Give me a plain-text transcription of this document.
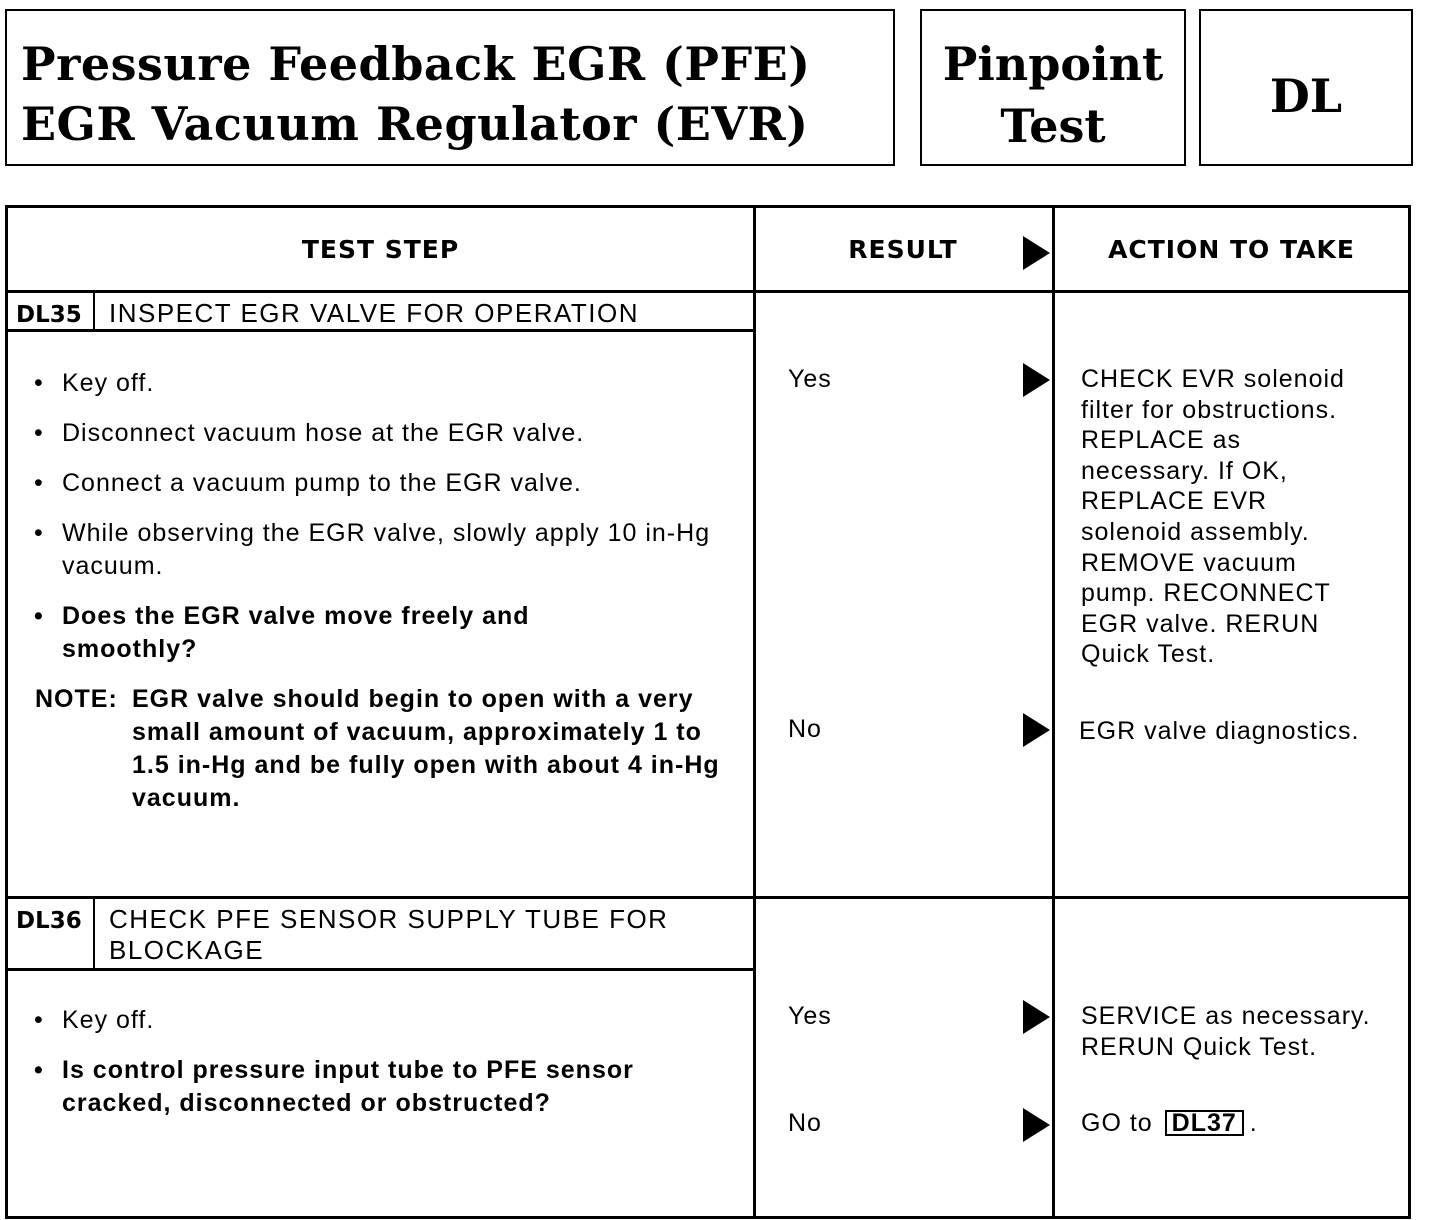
Pressure Feedback EGR (PFE)
EGR Vacuum Regulator (EVR)
Pinpoint
Test
DL
TEST STEP	RESULT	ACTION TO TAKE
DL35 INSPECT EGR VALVE FOR OPERATION
• Key off.
• Disconnect vacuum hose at the EGR valve.
• Connect a vacuum pump to the EGR valve.
• While observing the EGR valve, slowly apply 10 in-Hg vacuum.
• Does the EGR valve move freely and smoothly?
NOTE: EGR valve should begin to open with a very small amount of vacuum, approximately 1 to 1.5 in-Hg and be fully open with about 4 in-Hg vacuum.
Yes	CHECK EVR solenoid
filter for obstructions.
REPLACE as
necessary. If OK,
REPLACE EVR
solenoid assembly.
REMOVE vacuum
pump. RECONNECT
EGR valve. RERUN
Quick Test.
No	EGR valve diagnostics.
DL36 CHECK PFE SENSOR SUPPLY TUBE FOR
BLOCKAGE
• Key off.
• Is control pressure input tube to PFE sensor cracked, disconnected or obstructed?
Yes	SERVICE as necessary.
RERUN Quick Test.
No	GO to DL37 .
